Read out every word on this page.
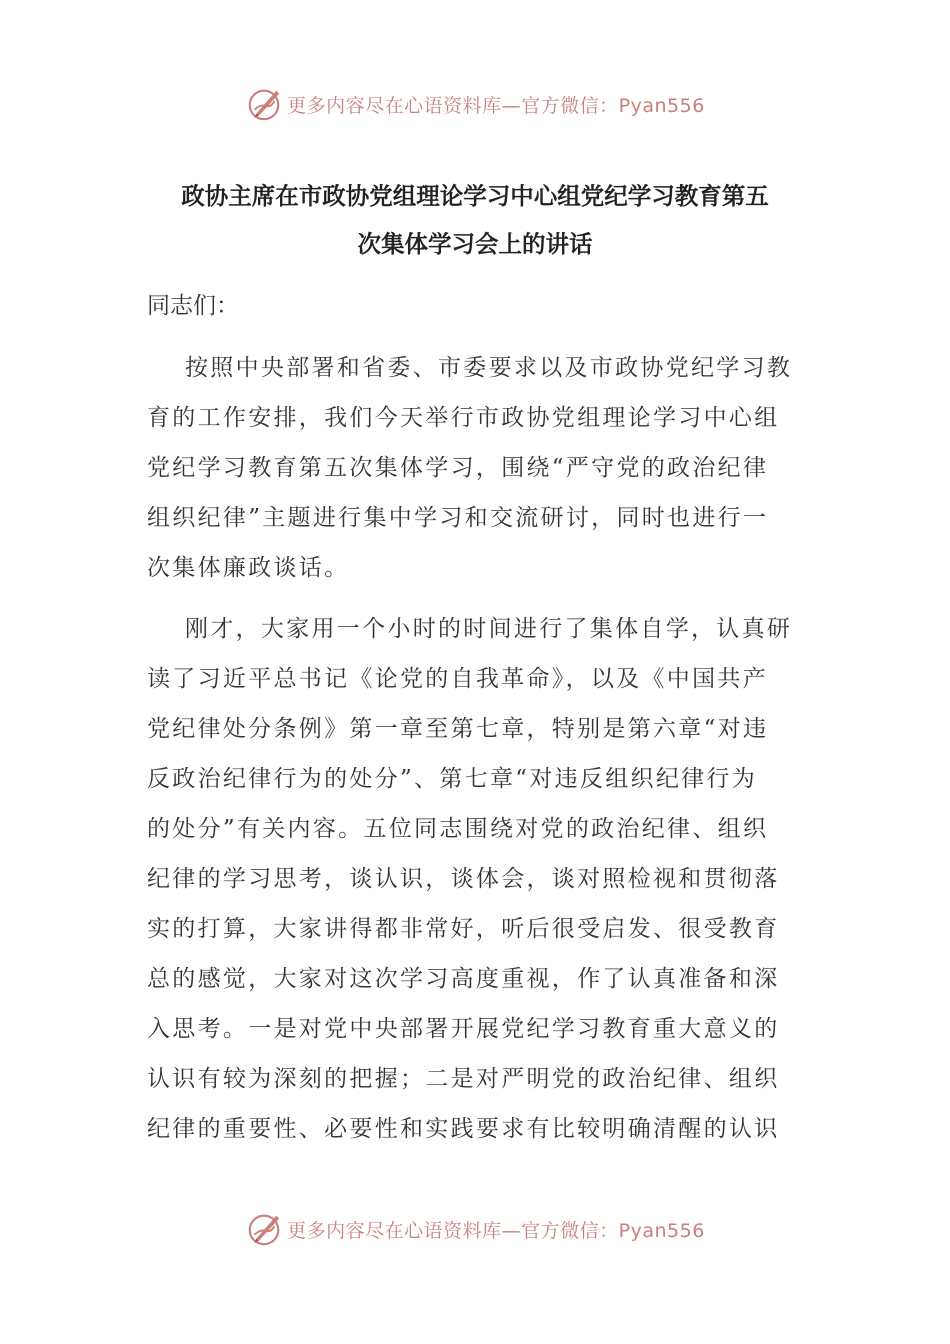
更多内容尽在心语资料库—官方微信：Pyan556
政协主席在市政协党组理论学习中心组党纪学习教育第五
次集体学习会上的讲话
同志们：
按照中央部署和省委、市委要求以及市政协党纪学习教
育的工作安排，我们今天举行市政协党组理论学习中心组
党纪学习教育第五次集体学习，围绕“严守党的政治纪律
组织纪律”主题进行集中学习和交流研讨，同时也进行一
次集体廉政谈话。
刚才，大家用一个小时的时间进行了集体自学，认真研
读了习近平总书记《论党的自我革命》，以及《中国共产
党纪律处分条例》第一章至第七章，特别是第六章“对违
反政治纪律行为的处分”、第七章“对违反组织纪律行为
的处分”有关内容。五位同志围绕对党的政治纪律、组织
纪律的学习思考，谈认识，谈体会，谈对照检视和贯彻落
实的打算，大家讲得都非常好，听后很受启发、很受教育
总的感觉，大家对这次学习高度重视，作了认真准备和深
入思考。一是对党中央部署开展党纪学习教育重大意义的
认识有较为深刻的把握；二是对严明党的政治纪律、组织
纪律的重要性、必要性和实践要求有比较明确清醒的认识
更多内容尽在心语资料库—官方微信：Pyan556
